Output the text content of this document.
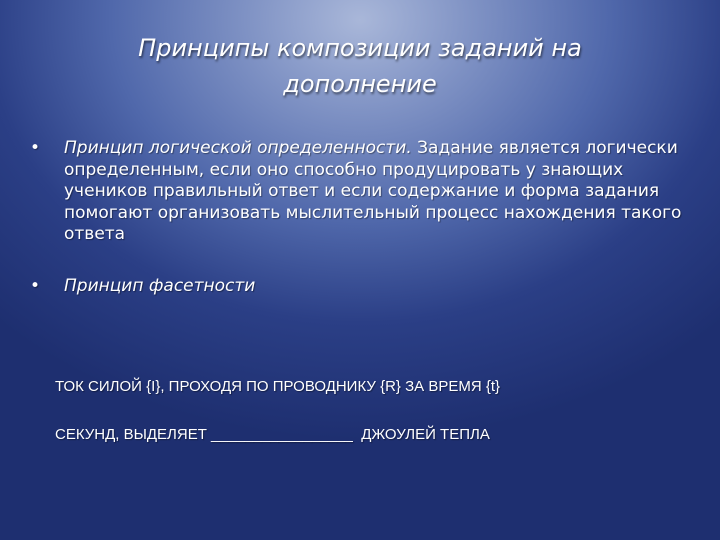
Принципы композиции заданий на дополнение
•	Принцип логической определенности. Задание является логически определенным, если оно способно продуцировать у знающих учеников правильный ответ и если содержание и форма задания помогают организовать мыслительный процесс нахождения такого ответа
•	Принцип фасетности
ТОК СИЛОЙ {I}, ПРОХОДЯ ПО ПРОВОДНИКУ {R} ЗА ВРЕМЯ {t}
СЕКУНД, ВЫДЕЛЯЕТ _________________  ДЖОУЛЕЙ ТЕПЛА
